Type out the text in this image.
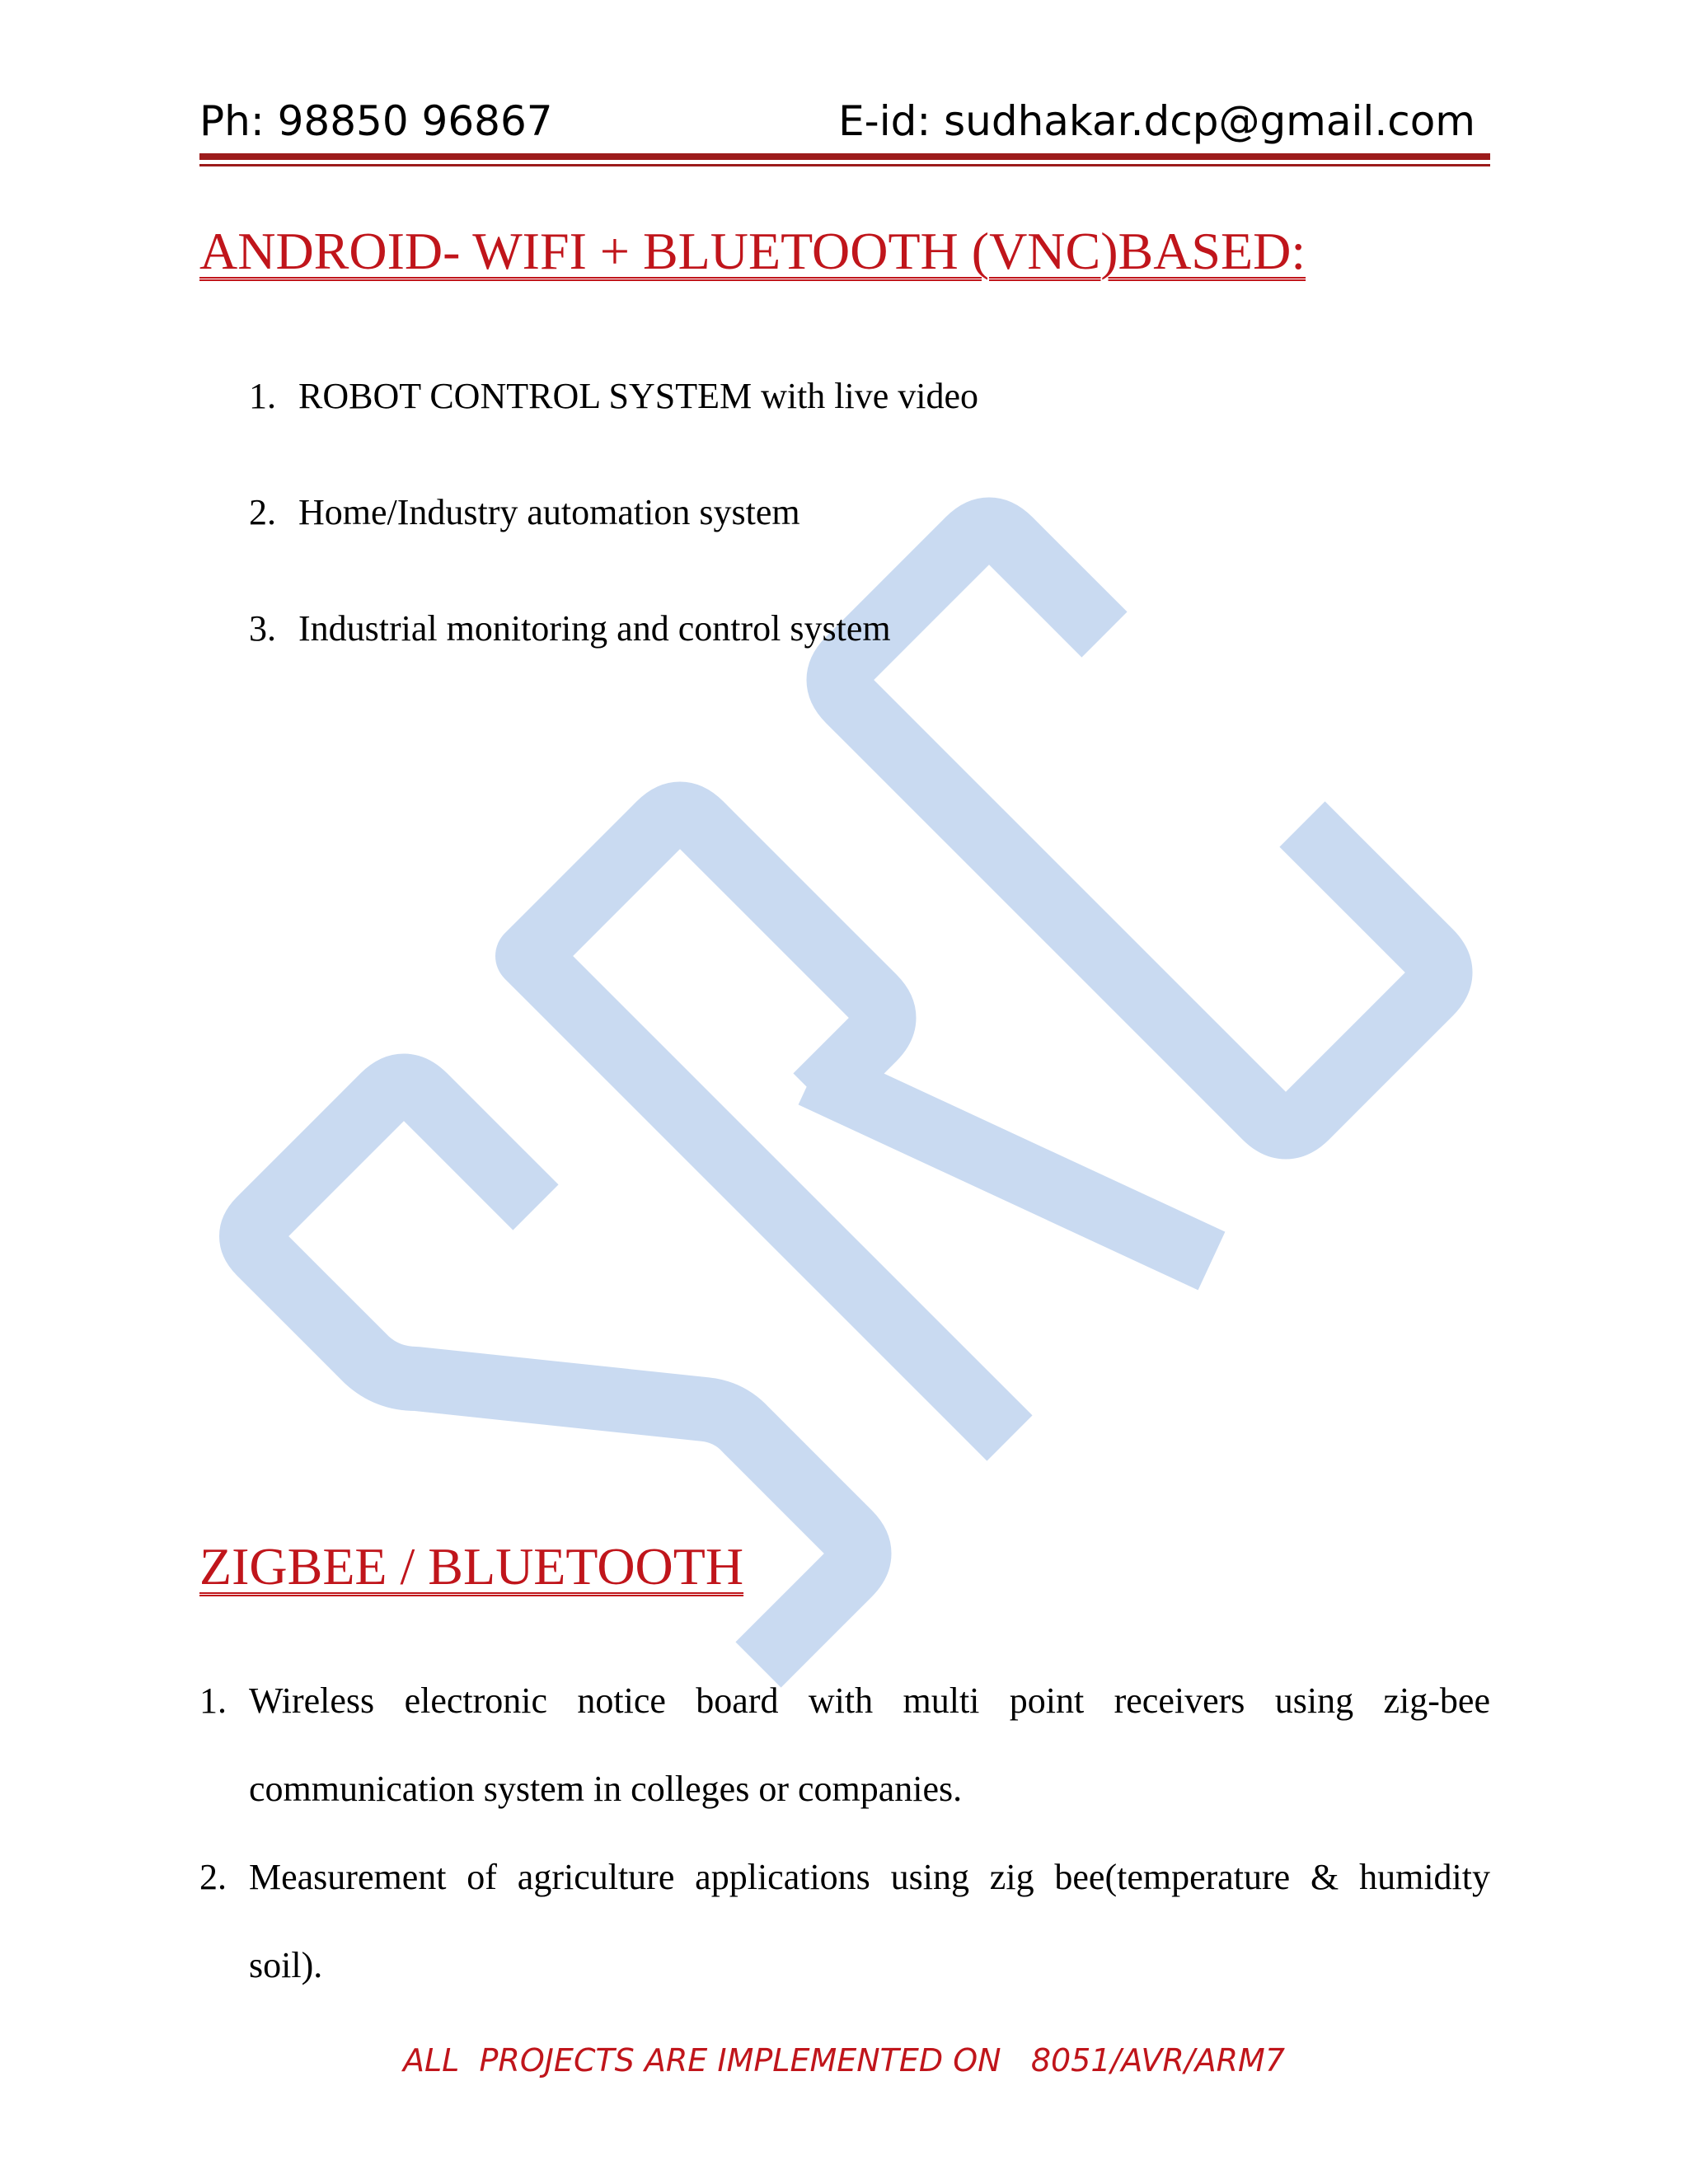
Ph: 98850 96867	E-id: sudhakar.dcp@gmail.com
ANDROID- WIFI + BLUETOOTH (VNC)BASED:
1. ROBOT CONTROL SYSTEM with live video
2. Home/Industry automation system
3. Industrial monitoring and control system
ZIGBEE / BLUETOOTH
1. Wireless electronic notice board with multi point receivers using zig-bee
communication system in colleges or companies.
2. Measurement of agriculture applications using zig bee(temperature & humidity
soil).
ALL  PROJECTS ARE IMPLEMENTED ON   8051/AVR/ARM7
